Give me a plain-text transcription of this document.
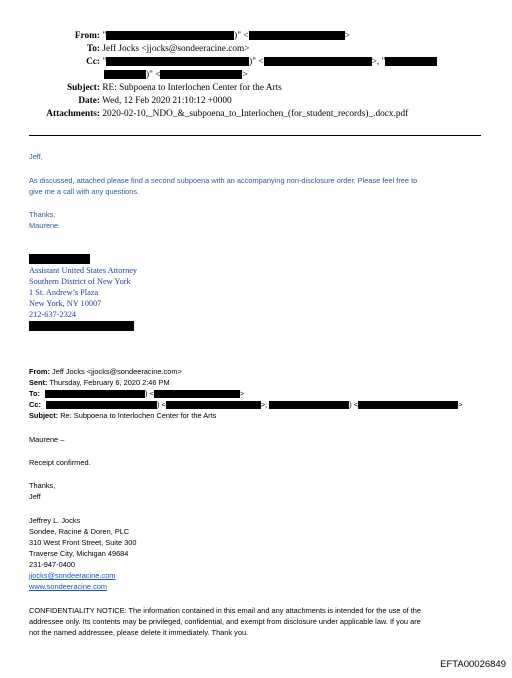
From: "	)" <	>
To: Jeff Jocks <jjocks@sondeeracine.com>
Cc: "	)" <	>, "
)" <	>
Subject: RE: Subpoena to Interlochen Center for the Arts
Date: Wed, 12 Feb 2020 21:10:12 +0000
Attachments: 2020-02-10,_NDO_&_subpoena_to_Interlochen_(for_student_records)_.docx.pdf
Jeff,
As discussed, attached please find a second subpoena with an accompanying non-disclosure order. Please feel free to
give me a call with any questions.
Thanks,
Maurene
Assistant United States Attorney
Southern District of New York
1 St. Andrew’s Plaza
New York, NY 10007
212-637-2324
From: Jeff Jocks <jjocks@sondeeracine.com>
Sent: Thursday, February 6, 2020 2:46 PM
To:	) <	>
Cc:	) <	>;	) <	>
Subject: Re: Subpoena to Interlochen Center for the Arts
Maurene –
Receipt confirmed.
Thanks,
Jeff
Jeffrey L. Jocks
Sondee, Racine & Doren, PLC
310 West Front Street, Suite 300
Traverse City, Michigan 49684
231-947-0400
jjocks@sondeeracine.com
www.sondeeracine.com
CONFIDENTIALITY NOTICE: The information contained in this email and any attachments is intended for the use of the
addressee only. Its contents may be privileged, confidential, and exempt from disclosure under applicable law. If you are
not the named addressee, please delete it immediately. Thank you.
EFTA00026849
